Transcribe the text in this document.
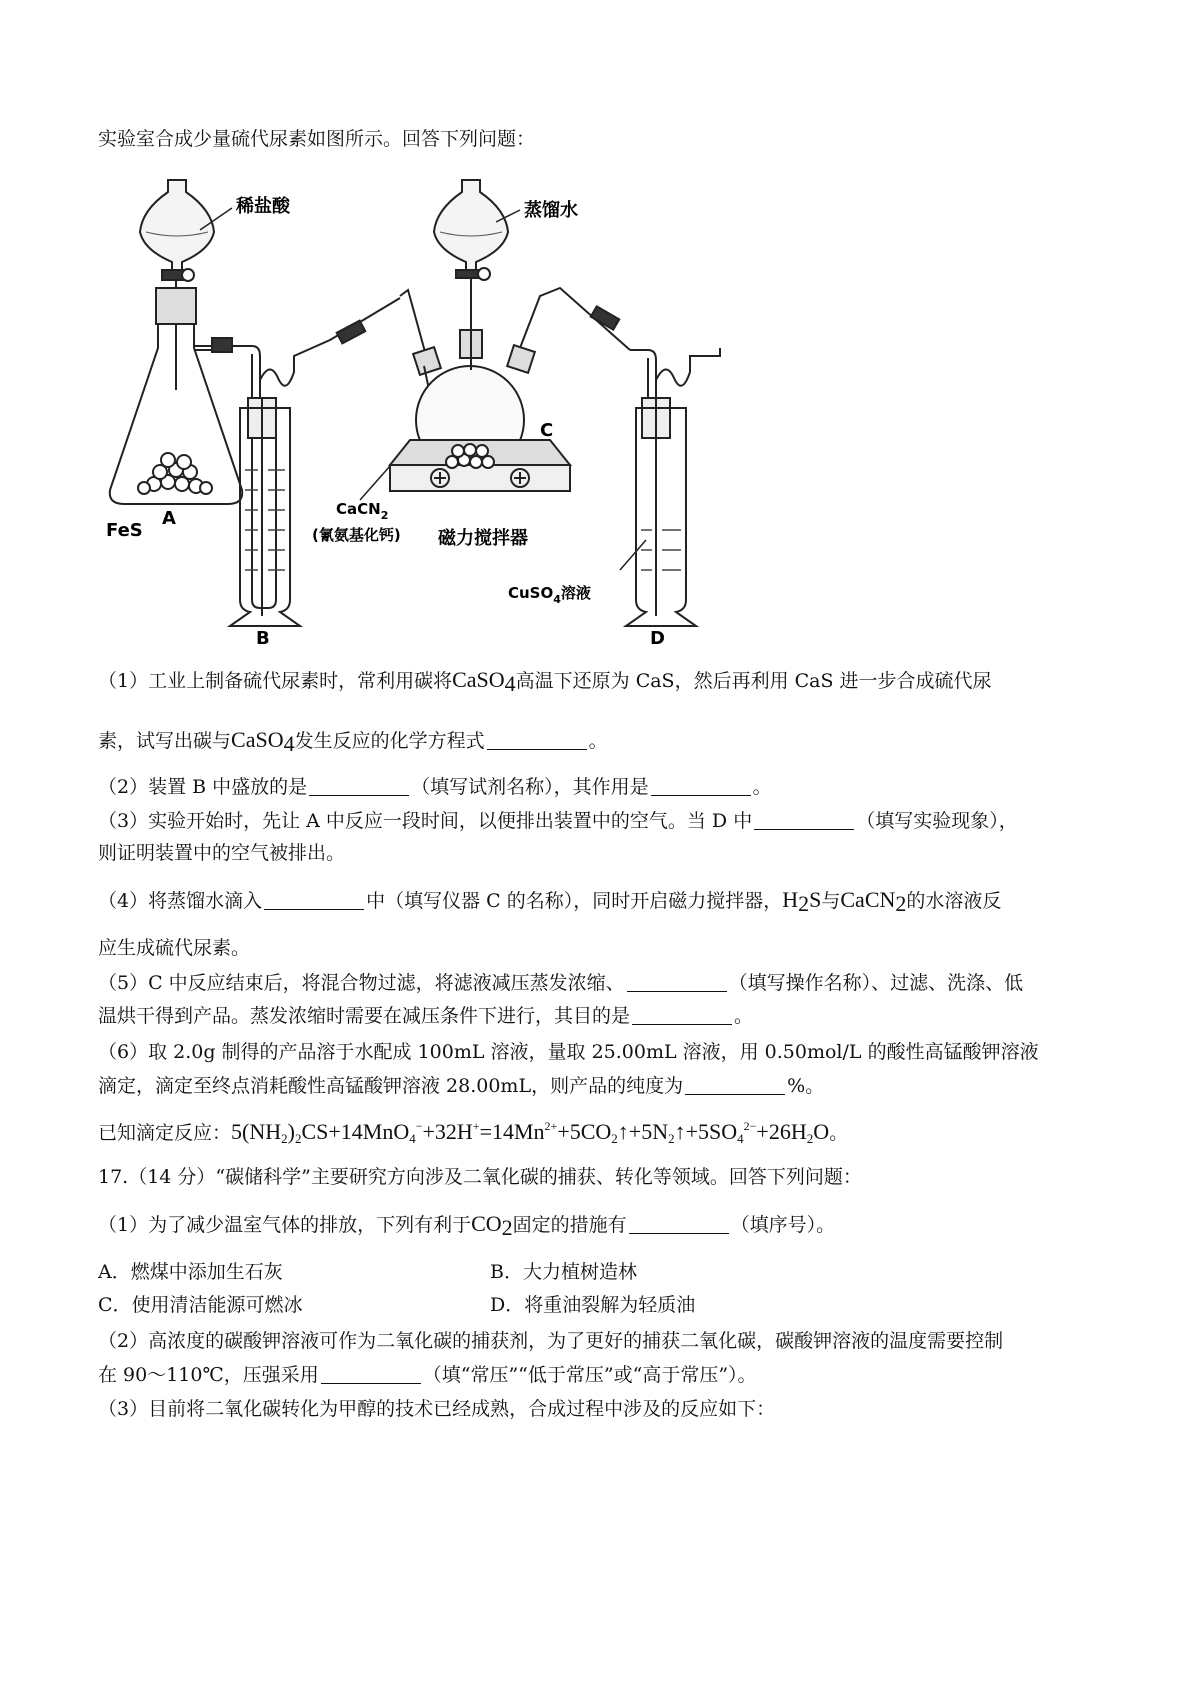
实验室合成少量硫代尿素如图所示。回答下列问题：
稀盐酸	蒸馏水
FeS
A
B
C
D
CaCN$_2$
(氰氨基化钙) 磁力搅拌器
CuSO$_4$溶液
（1）工业上制备硫代尿素时，常利用碳将CaSO$_4$高温下还原为 CaS，然后再利用 CaS 进一步合成硫代尿
素，试写出碳与CaSO$_4$发生反应的化学方程式	。
（2）装置 B 中盛放的是	（填写试剂名称），其作用是	。
（3）实验开始时，先让 A 中反应一段时间，以便排出装置中的空气。当 D 中	（填写实验现象），
则证明装置中的空气被排出。
（4）将蒸馏水滴入	中（填写仪器 C 的名称），同时开启磁力搅拌器，$H_2S$与CaCN$_2$的水溶液反
应生成硫代尿素。
（5）C 中反应结束后，将混合物过滤，将滤液减压蒸发浓缩、	（填写操作名称）、过滤、洗涤、低
温烘干得到产品。蒸发浓缩时需要在减压条件下进行，其目的是	。
（6）取 2.0g 制得的产品溶于水配成 100mL 溶液，量取 25.00mL 溶液，用 0.50mol/L 的酸性高锰酸钾溶液
滴定，滴定至终点消耗酸性高锰酸钾溶液 28.00mL，则产品的纯度为	%。
已知滴定反应：$5(NH_2)_2CS+14MnO_4^-+32H^+=14Mn^{2+}+5CO_2↑+5N_2↑+5SO_4^{2-}+26H_2O$。
17.（14 分）“碳储科学”主要研究方向涉及二氧化碳的捕获、转化等领域。回答下列问题：
（1）为了减少温室气体的排放，下列有利于$CO_2$固定的措施有	（填序号）。
A．燃煤中添加生石灰	B．大力植树造林
C．使用清洁能源可燃冰	D．将重油裂解为轻质油
（2）高浓度的碳酸钾溶液可作为二氧化碳的捕获剂，为了更好的捕获二氧化碳，碳酸钾溶液的温度需要控制
在 90～110℃，压强采用	（填“常压”“低于常压”或“高于常压”）。
（3）目前将二氧化碳转化为甲醇的技术已经成熟，合成过程中涉及的反应如下：
